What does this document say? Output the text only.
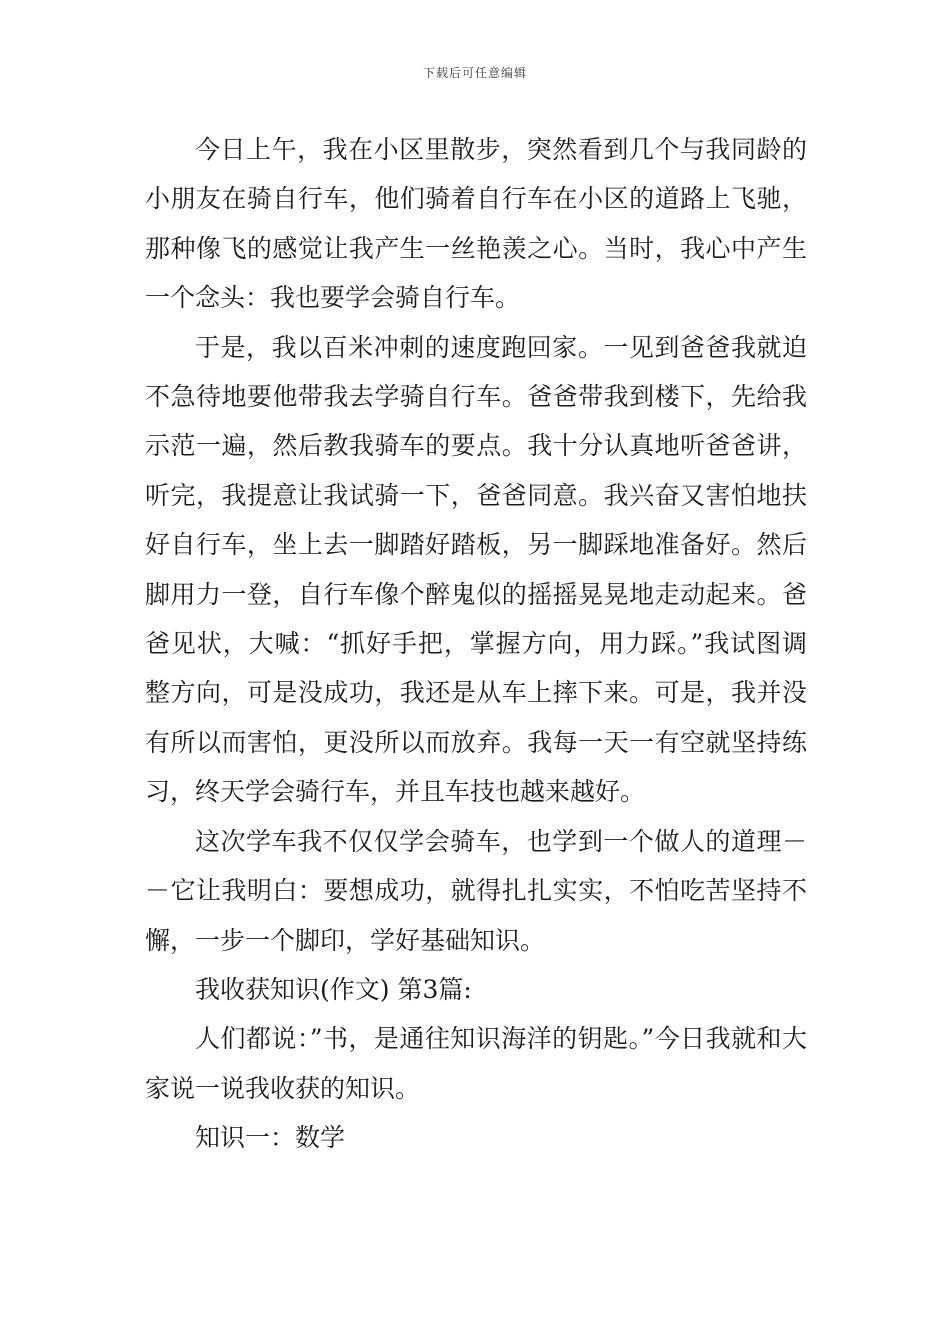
下载后可任意编辑

今日上午，我在小区里散步，突然看到几个与我同龄的小朋友在骑自行车，他们骑着自行车在小区的道路上飞驰，那种像飞的感觉让我产生一丝艳羡之心。当时，我心中产生一个念头：我也要学会骑自行车。

于是，我以百米冲刺的速度跑回家。一见到爸爸我就迫不急待地要他带我去学骑自行车。爸爸带我到楼下，先给我示范一遍，然后教我骑车的要点。我十分认真地听爸爸讲，听完，我提意让我试骑一下，爸爸同意。我兴奋又害怕地扶好自行车，坐上去一脚踏好踏板，另一脚踩地准备好。然后脚用力一登，自行车像个醉鬼似的摇摇晃晃地走动起来。爸爸见状，大喊：“抓好手把，掌握方向，用力踩。”我试图调整方向，可是没成功，我还是从车上摔下来。可是，我并没有所以而害怕，更没所以而放弃。我每一天一有空就坚持练习，终天学会骑行车，并且车技也越来越好。

这次学车我不仅仅学会骑车，也学到一个做人的道理－－它让我明白：要想成功，就得扎扎实实，不怕吃苦坚持不懈，一步一个脚印，学好基础知识。

我收获知识(作文) 第3篇:

人们都说：”书，是通往知识海洋的钥匙。”今日我就和大家说一说我收获的知识。

知识一：数学
